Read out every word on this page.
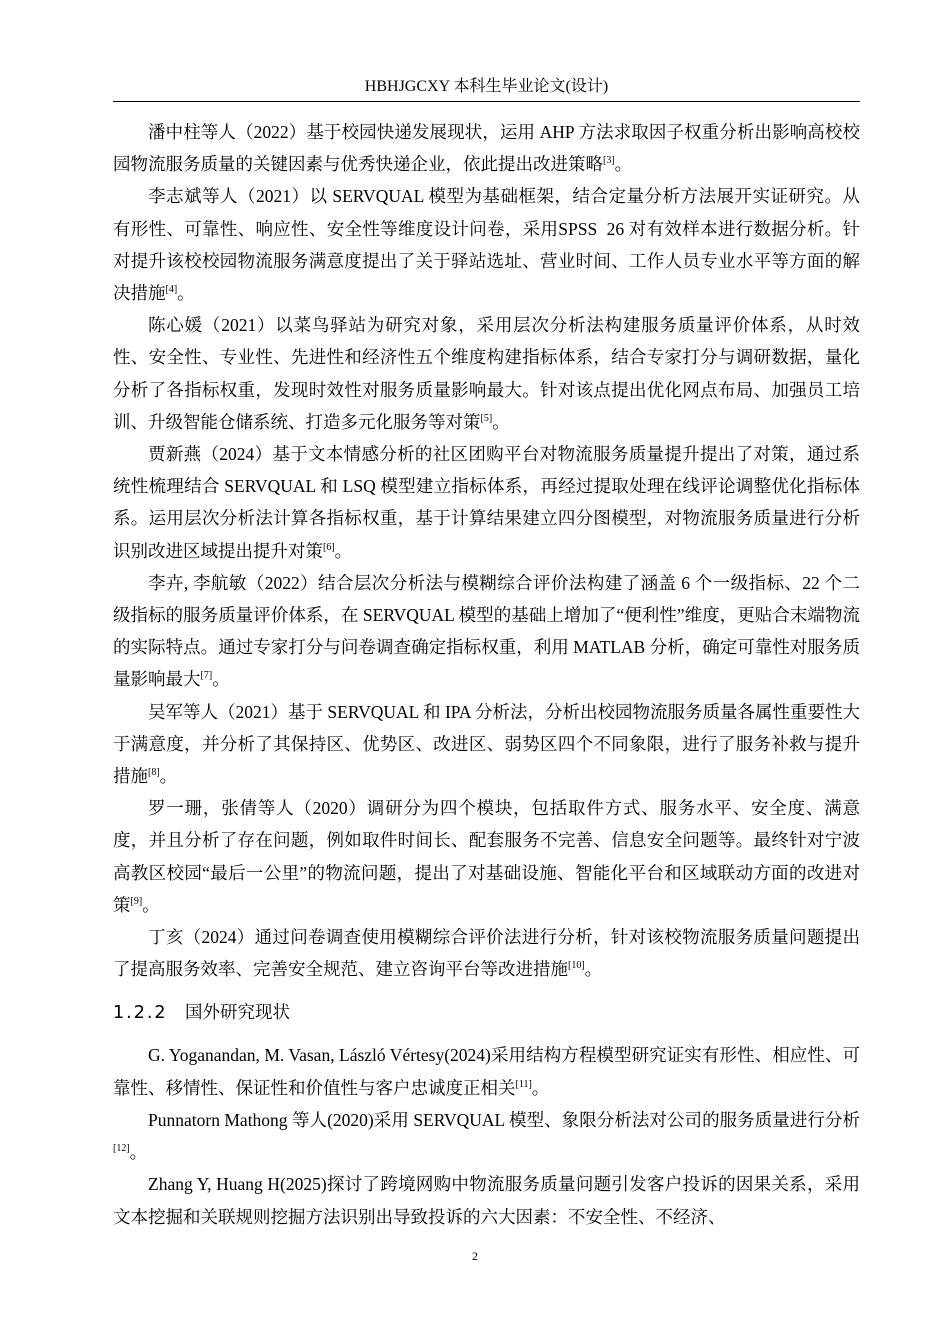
HBHJGCXY 本科生毕业论文(设计)

潘中柱等人（2022）基于校园快递发展现状，运用 AHP 方法求取因子权重分析出影响高校校园物流服务质量的关键因素与优秀快递企业，依此提出改进策略[3]。

李志斌等人（2021）以 SERVQUAL 模型为基础框架，结合定量分析方法展开实证研究。从有形性、可靠性、响应性、安全性等维度设计问卷，采用SPSS  26 对有效样本进行数据分析。针对提升该校校园物流服务满意度提出了关于驿站选址、营业时间、工作人员专业水平等方面的解决措施[4]。

陈心媛（2021）以菜鸟驿站为研究对象，采用层次分析法构建服务质量评价体系，从时效性、安全性、专业性、先进性和经济性五个维度构建指标体系，结合专家打分与调研数据，量化分析了各指标权重，发现时效性对服务质量影响最大。针对该点提出优化网点布局、加强员工培训、升级智能仓储系统、打造多元化服务等对策[5]。

贾新燕（2024）基于文本情感分析的社区团购平台对物流服务质量提升提出了对策，通过系统性梳理结合 SERVQUAL 和 LSQ 模型建立指标体系，再经过提取处理在线评论调整优化指标体系。运用层次分析法计算各指标权重，基于计算结果建立四分图模型，对物流服务质量进行分析识别改进区域提出提升对策[6]。

李卉, 李航敏（2022）结合层次分析法与模糊综合评价法构建了涵盖 6 个一级指标、22 个二级指标的服务质量评价体系，在 SERVQUAL 模型的基础上增加了“便利性”维度，更贴合末端物流的实际特点。通过专家打分与问卷调查确定指标权重，利用 MATLAB 分析，确定可靠性对服务质量影响最大[7]。

吴军等人（2021）基于 SERVQUAL 和 IPA 分析法，分析出校园物流服务质量各属性重要性大于满意度，并分析了其保持区、优势区、改进区、弱势区四个不同象限，进行了服务补救与提升措施[8]。

罗一珊，张倩等人（2020）调研分为四个模块，包括取件方式、服务水平、安全度、满意度，并且分析了存在问题，例如取件时间长、配套服务不完善、信息安全问题等。最终针对宁波高教区校园“最后一公里”的物流问题，提出了对基础设施、智能化平台和区域联动方面的改进对策[9]。

丁亥（2024）通过问卷调查使用模糊综合评价法进行分析，针对该校物流服务质量问题提出了提高服务效率、完善安全规范、建立咨询平台等改进措施[10]。

1.2.2 国外研究现状

G. Yoganandan, M. Vasan, László Vértesy(2024)采用结构方程模型研究证实有形性、相应性、可靠性、移情性、保证性和价值性与客户忠诚度正相关[11]。

Punnatorn Mathong 等人(2020)采用 SERVQUAL 模型、象限分析法对公司的服务质量进行分析[12]。

Zhang Y, Huang H(2025)探讨了跨境网购中物流服务质量问题引发客户投诉的因果关系，采用文本挖掘和关联规则挖掘方法识别出导致投诉的六大因素：不安全性、不经济、

2
